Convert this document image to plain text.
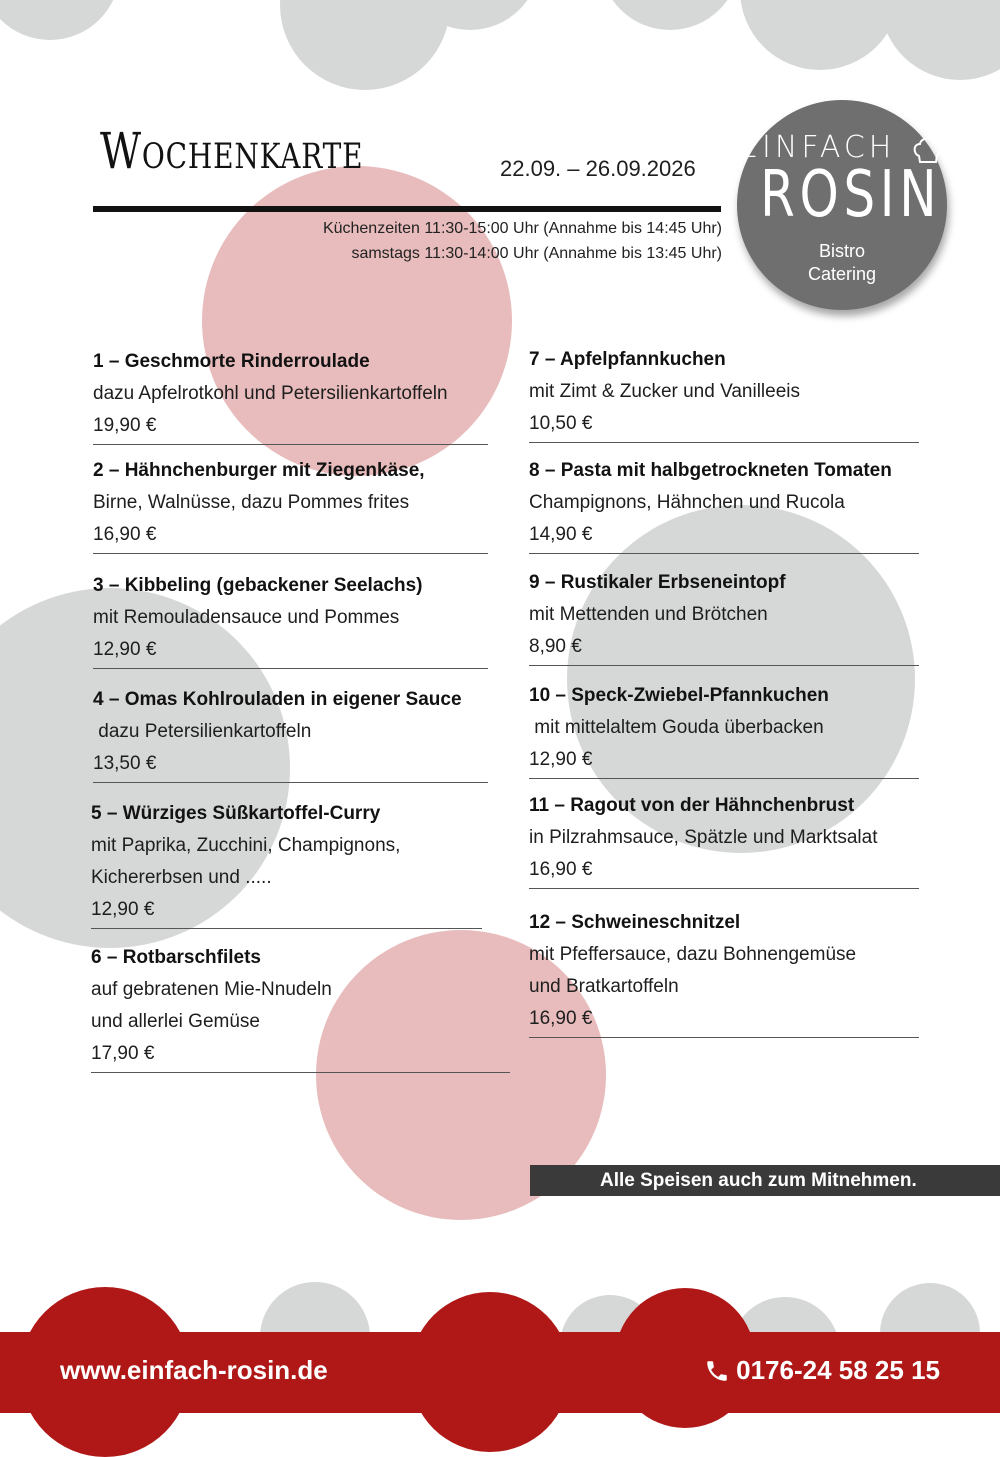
Wochenkarte	22.09. – 26.09.2026
Küchenzeiten 11:30-15:00 Uhr (Annahme bis 14:45 Uhr)
samstags 11:30-14:00 Uhr (Annahme bis 13:45 Uhr)
EINFACH
ROSIN
Bistro
Catering
1 – Geschmorte Rinderroulade
dazu Apfelrotkohl und Petersilienkartoffeln
19,90 €
2 – Hähnchenburger mit Ziegenkäse,
Birne, Walnüsse, dazu Pommes frites
16,90 €
3 – Kibbeling (gebackener Seelachs)
mit Remouladensauce und Pommes
12,90 €
4 – Omas Kohlrouladen in eigener Sauce
dazu Petersilienkartoffeln
13,50 €
5 – Würziges Süßkartoffel-Curry
mit Paprika, Zucchini, Champignons,
Kichererbsen und .....
12,90 €
6 – Rotbarschfilets
auf gebratenen Mie-Nnudeln
und allerlei Gemüse
17,90 €
7 – Apfelpfannkuchen
mit Zimt & Zucker und Vanilleeis
10,50 €
8 – Pasta mit halbgetrockneten Tomaten
Champignons, Hähnchen und Rucola
14,90 €
9 – Rustikaler Erbseneintopf
mit Mettenden und Brötchen
8,90 €
10 – Speck-Zwiebel-Pfannkuchen
mit mittelaltem Gouda überbacken
12,90 €
11 – Ragout von der Hähnchenbrust
in Pilzrahmsauce, Spätzle und Marktsalat
16,90 €
12 – Schweineschnitzel
mit Pfeffersauce, dazu Bohnengemüse
und Bratkartoffeln
16,90 €
Alle Speisen auch zum Mitnehmen.
www.einfach-rosin.de	0176-24 58 25 15
